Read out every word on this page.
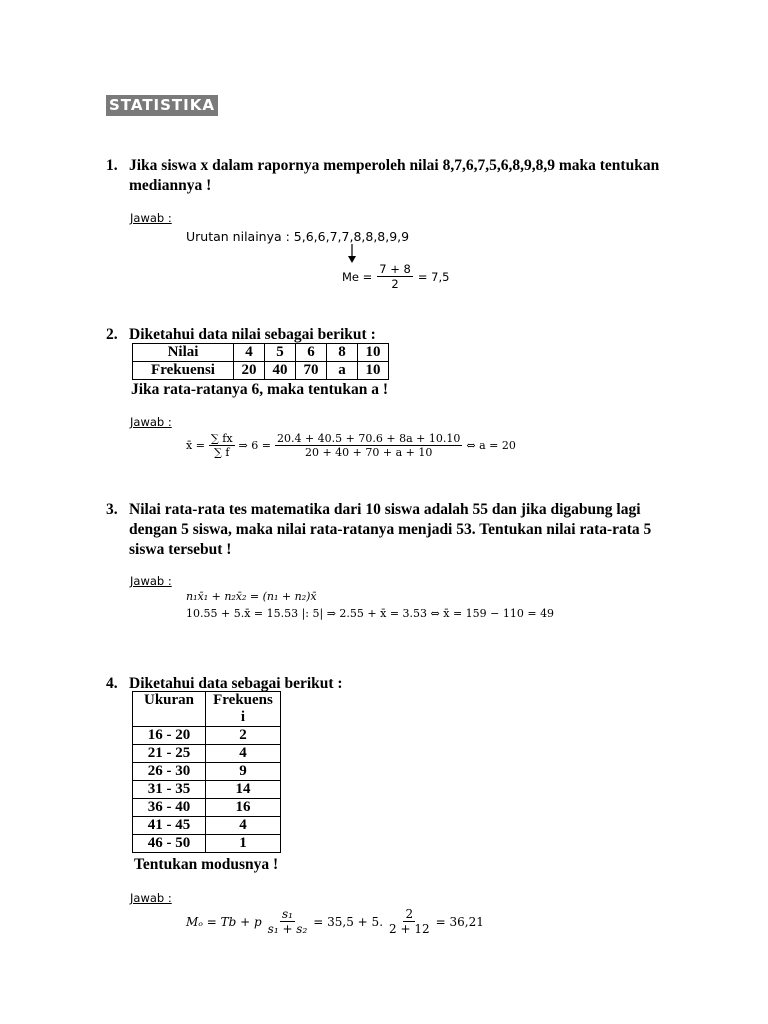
STATISTIKA
1. Jika siswa x dalam rapornya memperoleh nilai 8,7,6,7,5,6,8,9,8,9 maka tentukan
mediannya !
Jawab :
Urutan nilainya : 5,6,6,7,7,8,8,8,9,9
$Me = \frac{7 + 8}{2} = 7,5$
2. Diketahui data nilai sebagai berikut :
Nilai	4	5	6	8	10
Frekuensi	20	40	70	a	10
Jika rata-ratanya 6, maka tentukan a !
Jawab :
x̄ = $\frac{\sum fx}{\sum f}$ ⇒ $6 = \frac{20.4 + 40.5 + 70.6 + 8a + 10.10}{20 + 40 + 70 + a + 10}$ ⇔ a = 20
3. Nilai rata-rata tes matematika dari 10 siswa adalah 55 dan jika digabung lagi
dengan 5 siswa, maka nilai rata-ratanya menjadi 53. Tentukan nilai rata-rata 5
siswa tersebut !
Jawab :
n₁x̄₁ + n₂x̄₂ = (n₁ + n₂)x̄
10.55 + 5.x̄ = 15.53 |: 5| ⇒ 2.55 + x̄ = 3.53 ⇔ x̄ = 159 − 110 = 49
4. Diketahui data sebagai berikut :
Ukuran	Frekuens i
16 - 20	2
21 - 25	4
26 - 30	9
31 - 35	14
36 - 40	16
41 - 45	4
46 - 50	1
Tentukan modusnya !
Jawab :
Mₒ = Tb + p $\frac{\text{s₁}}{\text{s₁ + s₂}} = 35,5 + 5$. $\frac{2}{2 + 12} = 36,21$
